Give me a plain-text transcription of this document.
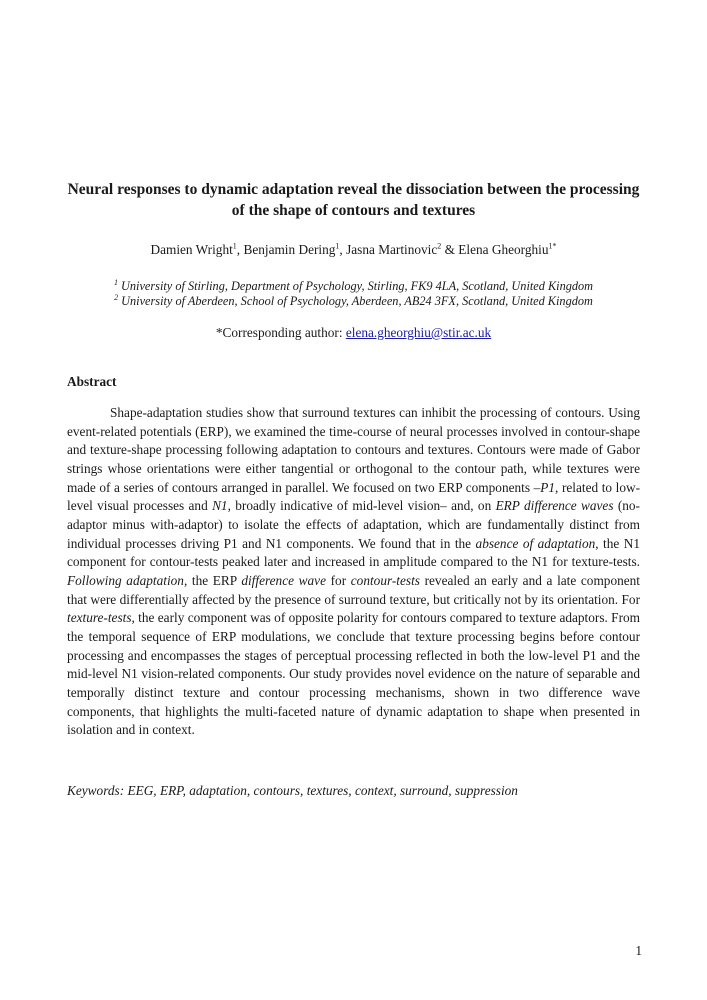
Neural responses to dynamic adaptation reveal the dissociation between the processing of the shape of contours and textures
Damien Wright$^1$, Benjamin Dering$^1$, Jasna Martinovic$^2$ & Elena Gheorghiu$^{1*}$
$^1$ University of Stirling, Department of Psychology, Stirling, FK9 4LA, Scotland, United Kingdom
$^2$ University of Aberdeen, School of Psychology, Aberdeen, AB24 3FX, Scotland, United Kingdom
*Corresponding author: elena.gheorghiu@stir.ac.uk
Abstract

Shape-adaptation studies show that surround textures can inhibit the processing of contours. Using event-related potentials (ERP), we examined the time-course of neural processes involved in contour-shape and texture-shape processing following adaptation to contours and textures. Contours were made of Gabor strings whose orientations were either tangential or orthogonal to the contour path, while textures were made of a series of contours arranged in parallel. We focused on two ERP components –P1, related to low-level visual processes and N1, broadly indicative of mid-level vision– and, on ERP difference waves (no-adaptor minus with-adaptor) to isolate the effects of adaptation, which are fundamentally distinct from individual processes driving P1 and N1 components. We found that in the absence of adaptation, the N1 component for contour-tests peaked later and increased in amplitude compared to the N1 for texture-tests. Following adaptation, the ERP difference wave for contour-tests revealed an early and a late component that were differentially affected by the presence of surround texture, but critically not by its orientation. For texture-tests, the early component was of opposite polarity for contours compared to texture adaptors. From the temporal sequence of ERP modulations, we conclude that texture processing begins before contour processing and encompasses the stages of perceptual processing reflected in both the low-level P1 and the mid-level N1 vision-related components. Our study provides novel evidence on the nature of separable and temporally distinct texture and contour processing mechanisms, shown in two difference wave components, that highlights the multi-faceted nature of dynamic adaptation to shape when presented in isolation and in context.

Keywords: EEG, ERP, adaptation, contours, textures, context, surround, suppression

1
